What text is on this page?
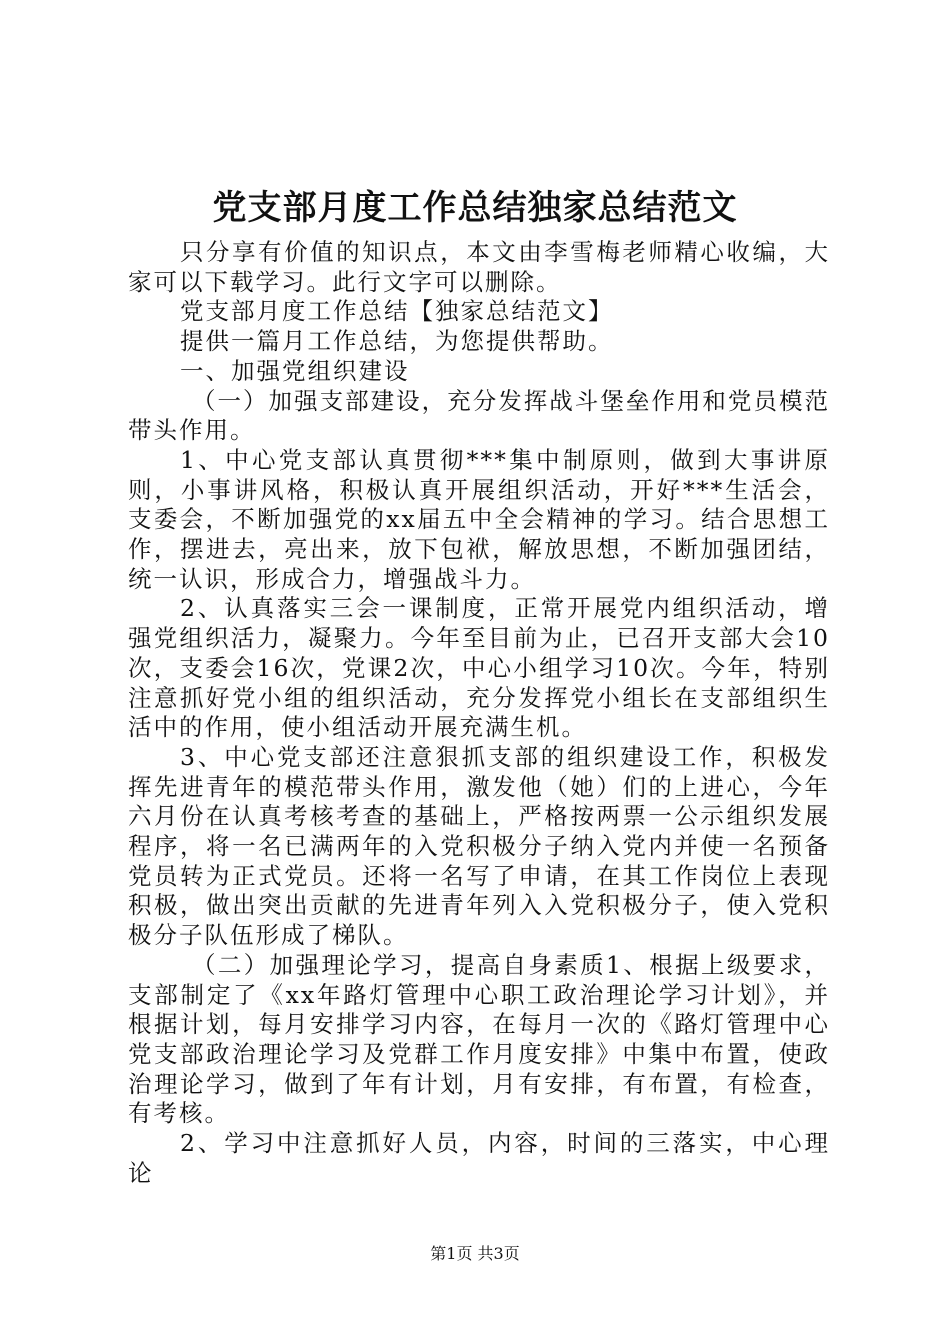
党支部月度工作总结独家总结范文

只分享有价值的知识点，本文由李雪梅老师精心收编，大家可以下载学习。此行文字可以删除。

党支部月度工作总结【独家总结范文】

提供一篇月工作总结，为您提供帮助。

一、加强党组织建设

（一）加强支部建设，充分发挥战斗堡垒作用和党员模范带头作用。

1、中心党支部认真贯彻***集中制原则，做到大事讲原则，小事讲风格，积极认真开展组织活动，开好***生活会，支委会，不断加强党的xx届五中全会精神的学习。结合思想工作，摆进去，亮出来，放下包袱，解放思想，不断加强团结，统一认识，形成合力，增强战斗力。

2、认真落实三会一课制度，正常开展党内组织活动，增强党组织活力，凝聚力。今年至目前为止，已召开支部大会10次，支委会16次，党课2次，中心小组学习10次。今年，特别注意抓好党小组的组织活动，充分发挥党小组长在支部组织生活中的作用，使小组活动开展充满生机。

3、中心党支部还注意狠抓支部的组织建设工作，积极发挥先进青年的模范带头作用，激发他（她）们的上进心，今年六月份在认真考核考查的基础上，严格按两票一公示组织发展程序，将一名已满两年的入党积极分子纳入党内并使一名预备党员转为正式党员。还将一名写了申请，在其工作岗位上表现积极，做出突出贡献的先进青年列入入党积极分子，使入党积极分子队伍形成了梯队。

（二）加强理论学习，提高自身素质1、根据上级要求，支部制定了《xx年路灯管理中心职工政治理论学习计划》，并根据计划，每月安排学习内容，在每月一次的《路灯管理中心党支部政治理论学习及党群工作月度安排》中集中布置，使政治理论学习，做到了年有计划，月有安排，有布置，有检查，有考核。

2、学习中注意抓好人员，内容，时间的三落实，中心理论

第1页 共3页
